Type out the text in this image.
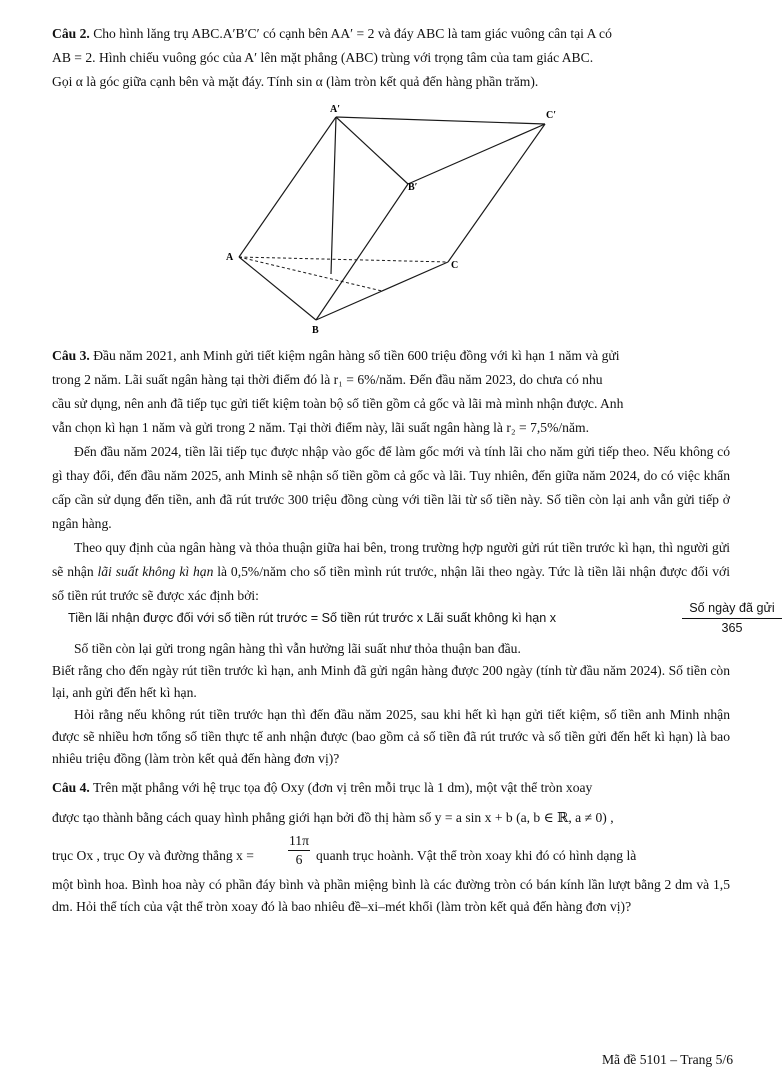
Câu 2. Cho hình lăng trụ ABC.A′B′C′ có cạnh bên AA′ = 2 và đáy ABC là tam giác vuông cân tại A có
AB = 2. Hình chiếu vuông góc của A′ lên mặt phẳng (ABC) trùng với trọng tâm của tam giác ABC.
Gọi α là góc giữa cạnh bên và mặt đáy. Tính sin α (làm tròn kết quả đến hàng phần trăm).
A′
C′
B′
A
C
B
Câu 3. Đầu năm 2021, anh Minh gửi tiết kiệm ngân hàng số tiền 600 triệu đồng với kì hạn 1 năm và gửi
trong 2 năm. Lãi suất ngân hàng tại thời điểm đó là r₁ = 6%/năm. Đến đầu năm 2023, do chưa có nhu
cầu sử dụng, nên anh đã tiếp tục gửi tiết kiệm toàn bộ số tiền gồm cả gốc và lãi mà mình nhận được. Anh
vẫn chọn kì hạn 1 năm và gửi trong 2 năm. Tại thời điểm này, lãi suất ngân hàng là r₂ = 7,5%/năm.
Đến đầu năm 2024, tiền lãi tiếp tục được nhập vào gốc để làm gốc mới và tính lãi cho năm gửi tiếp theo. Nếu không có gì thay đổi, đến đầu năm 2025, anh Minh sẽ nhận số tiền gồm cả gốc và lãi. Tuy nhiên, đến giữa năm 2024, do có việc khẩn cấp cần sử dụng đến tiền, anh đã rút trước 300 triệu đồng cùng với tiền lãi từ số tiền này. Số tiền còn lại anh vẫn gửi tiếp ở ngân hàng.
Theo quy định của ngân hàng và thỏa thuận giữa hai bên, trong trường hợp người gửi rút tiền trước kì hạn, thì người gửi sẽ nhận lãi suất không kì hạn là 0,5%/năm cho số tiền mình rút trước, nhận lãi theo ngày. Tức là tiền lãi nhận được đối với số tiền rút trước sẽ được xác định bởi:
Tiền lãi nhận được đối với số tiền rút trước = Số tiền rút trước x Lãi suất không kì hạn x
Số ngày đã gửi
365
Số tiền còn lại gửi trong ngân hàng thì vẫn hưởng lãi suất như thỏa thuận ban đầu.
Biết rằng cho đến ngày rút tiền trước kì hạn, anh Minh đã gửi ngân hàng được 200 ngày (tính từ đầu năm 2024). Số tiền còn lại, anh gửi đến hết kì hạn.
Hỏi rằng nếu không rút tiền trước hạn thì đến đầu năm 2025, sau khi hết kì hạn gửi tiết kiệm, số tiền anh Minh nhận được sẽ nhiều hơn tổng số tiền thực tế anh nhận được (bao gồm cả số tiền đã rút trước và số tiền gửi đến hết kì hạn) là bao nhiêu triệu đồng (làm tròn kết quả đến hàng đơn vị)?
Câu 4. Trên mặt phẳng với hệ trục tọa độ Oxy (đơn vị trên mỗi trục là 1 dm), một vật thể tròn xoay
được tạo thành bằng cách quay hình phẳng giới hạn bởi đồ thị hàm số y = a sin x + b (a, b ∈ ℝ, a ≠ 0) ,
trục Ox , trục Oy và đường thẳng x =
11π
6	quanh trục hoành. Vật thể tròn xoay khi đó có hình dạng là
một bình hoa. Bình hoa này có phần đáy bình và phần miệng bình là các đường tròn có bán kính lần lượt bằng 2 dm và 1,5 dm. Hỏi thể tích của vật thể tròn xoay đó là bao nhiêu đề–xi–mét khối (làm tròn kết quả đến hàng đơn vị)?
Mã đề 5101 – Trang 5/6
